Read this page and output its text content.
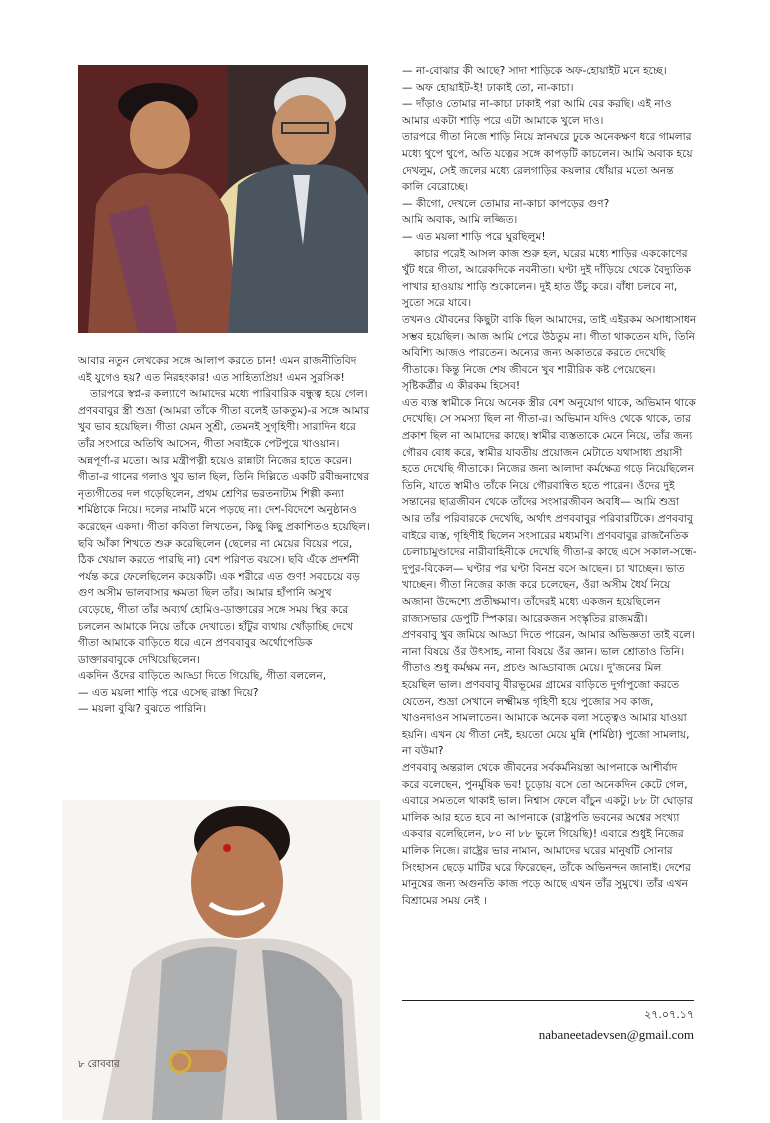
আবার নতুন লেখকের সঙ্গে আলাপ করতে চান! এমন রাজনীতিবিদ এই যুগেও হয়? এত নিরহংকার! এত সাহিত্যপ্রিয়! এমন সুরসিক!

তারপরে স্বপ্ন-র কল্যাণে আমাদের মধ্যে পারিবারিক বন্ধুত্ব হয়ে গেল। প্রণববাবুর স্ত্রী শুভ্রা (আমরা তাঁকে গীতা বলেই ডাকতুম)-র সঙ্গে আমার খুব ভাব হয়েছিল। গীতা যেমন সুশ্রী, তেমনই সুগৃহিণী। সারাদিন ধরে তাঁর সংসারে অতিথি আসেন, গীতা সবাইকে পেটপুরে খাওয়ান। অন্নপূর্ণা-র মতো। আর মন্ত্রীপত্নী হয়েও রান্নাটা নিজের হাতে করেন। গীতা-র গানের গলাও খুব ভাল ছিল, তিনি দিল্লিতে একটি রবীন্দ্রনাথের নৃত্যগীতের দল গড়েছিলেন, প্রথম শ্রেণির ভরতনাট্যম শিল্পী কন্যা শর্মিষ্ঠাকে নিয়ে। দলের নামটি মনে পড়ছে না। দেশ-বিদেশে অনুষ্ঠানও করেছেন একদা। গীতা কবিতা লিখতেন, কিছু কিছু প্রকাশিতও হয়েছিল। ছবি আঁকা শিখতে শুরু করেছিলেন (ছেলের না মেয়ের বিয়ের পরে, ঠিক খেয়াল করতে পারছি না) বেশ পরিণত বয়সে। ছবি এঁকে প্রদর্শনী পর্যন্ত করে ফেলেছিলেন কয়েকটি। এক শরীরে এত গুণ! সবচেয়ে বড় গুণ অসীম ভালবাসার ক্ষমতা ছিল তাঁর। আমার হাঁপানি অসুখ বেড়েছে, গীতা তাঁর অব্যর্থ হোমিও-ডাক্তারের সঙ্গে সময় স্থির করে চললেন আমাকে নিয়ে তাঁকে দেখাতে। হাঁটুর ব্যথায় খোঁড়াচ্ছি দেখে গীতা আমাকে বাড়িতে ধরে এনে প্রণববাবুর অর্থোপেডিক ডাক্তারবাবুকে দেখিয়েছিলেন।

একদিন ওঁদের বাড়িতে আড্ডা দিতে গিয়েছি, গীতা বললেন,

— এত ময়লা শাড়ি পরে এসেছ রাস্তা দিয়ে?

— ময়লা বুঝি? বুঝতে পারিনি।

— না-বোঝার কী আছে? সাদা শাড়িকে অফ-হোয়াইট মনে হচ্ছে।

— অফ হোয়াইট-ই! ঢাকাই তো, না-কাচা।

— দাঁড়াও তোমার না-কাচা ঢাকাই পরা আমি বের করছি। এই নাও আমার একটা শাড়ি পরে এটা আমাকে খুলে দাও।

তারপরে গীতা নিজে শাড়ি নিয়ে স্নানঘরে ঢুকে অনেকক্ষণ ধরে গামলার মধ্যে থুপে থুপে, অতি যত্নের সঙ্গে কাপড়টি কাচলেন। আমি অবাক হয়ে দেখলুম, সেই জলের মধ্যে রেলগাড়ির কয়লার ধোঁয়ার মতো অনন্ত কালি বেরোচ্ছে।

— কীগো, দেখলে তোমার না-কাচা কাপড়ের গুণ?

আমি অবাক, আমি লজ্জিত।

— এত ময়লা শাড়ি পরে ঘুরছিলুম!

কাচার পরেই আসল কাজ শুরু হল, ঘরের মধ্যে শাড়ির এককোণের খুঁট ধরে গীতা, আরেকদিকে নবনীতা। ঘণ্টা দুই দাঁড়িয়ে থেকে বৈদ্যুতিক পাখার হাওয়ায় শাড়ি শুকোলেন। দুই হাত উঁচু করে। বাঁধা চলবে না, সুতো সরে যাবে।

তখনও যৌবনের কিছুটা বাকি ছিল আমাদের, তাই এইরকম অসাধ্যসাধন সম্ভব হয়েছিল। আজ আমি পেরে উঠতুম না। গীতা থাকতেন যদি, তিনি অবিশ্যি আজও পারতেন। অন্যের জন্য অকাতরে করতে দেখেছি গীতাকে। কিন্তু নিজে শেষ জীবনে খুব শারীরিক কষ্ট পেয়েছেন। সৃষ্টিকর্ত্রীর এ কীরকম হিসেব!

এত ব্যস্ত স্বামীকে নিয়ে অনেক স্ত্রীর বেশ অনুযোগ থাকে, অভিমান থাকে দেখেছি। সে সমস্যা ছিল না গীতা-র। অভিমান যদিও থেকে থাকে, তার প্রকাশ ছিল না আমাদের কাছে। স্বামীর ব্যস্ততাকে মেনে নিয়ে, তাঁর জন্য গৌরব বোধ করে, স্বামীর যাবতীয় প্রয়োজন মেটাতে যথাসাধ্য প্রয়াসী হতে দেখেছি গীতাকে। নিজের জন্য আলাদা কর্মক্ষেত্র গড়ে নিয়েছিলেন তিনি, যাতে স্বামীও তাঁকে নিয়ে গৌরবান্বিত হতে পারেন। ওঁদের দুই সন্তানের ছাত্রজীবন থেকে তাঁদের সংসারজীবন অবধি— আমি শুভ্রা আর তাঁর পরিবারকে দেখেছি, অর্থাৎ প্রণববাবুর পরিবারটিকে। প্রণববাবু বাইরে ব্যস্ত, গৃহিণীই ছিলেন সংসারের মধ্যমণি। প্রণববাবুর রাজনৈতিক চেলাচামুণ্ডাদের নারীবাহিনীকে দেখেছি গীতা-র কাছে এসে সকাল-সন্ধে-দুপুর-বিকেল— ঘণ্টার পর ঘণ্টা বিনম্র বসে আছেন। চা খাচ্ছেন। ভাত খাচ্ছেন। গীতা নিজের কাজ করে চলেছেন, ওঁরা অসীম ধৈর্য নিয়ে অজানা উদ্দেশ্যে প্রতীক্ষমাণ। তাঁদেরই মধ্যে একজন হয়েছিলেন রাজ্যসভার ডেপুটি স্পিকার। আরেকজন সংস্কৃতির রাজমন্ত্রী।

প্রণববাবু খুব জমিয়ে আড্ডা দিতে পারেন, আমার অভিজ্ঞতা তাই বলে। নানা বিষয়ে ওঁর উৎসাহ, নানা বিষয়ে ওঁর জ্ঞান। ভাল শ্রোতাও তিনি। গীতাও শুধু কর্মক্ষম নন, প্রচণ্ড আড্ডাবাজ মেয়ে। দু'জনের মিল হয়েছিল ভাল। প্রণববাবু বীরভূমের গ্রামের বাড়িতে দুর্গাপুজো করতে যেতেন, শুভ্রা সেখানে লক্ষ্মীমন্ত গৃহিণী হয়ে পুজোর সব কাজ, খাওনদাওন সামলাতেন। আমাকে অনেক বলা সত্ত্বেও আমার যাওয়া হয়নি। এখন যে গীতা নেই, হয়তো মেয়ে মুন্নি (শর্মিষ্ঠা) পুজো সামলায়, না বউমা?

প্রণববাবু অন্তরাল থেকে জীবনের সর্বকর্মনিয়ন্তা আপনাকে আশীর্বাদ করে বলেছেন, পুনর্মুষিক ভব! চূড়োয় বসে তো অনেকদিন কেটে গেল, এবারে সমতলে থাকাই ভাল। নিশ্বাস ফেলে বাঁচুন একটু। ৮৮ টা ঘোড়ার মালিক আর হতে হবে না আপনাকে (রাষ্ট্রপতি ভবনের অশ্বের সংখ্যা একবার বলেছিলেন, ৮০ না ৮৮ ভুলে গিয়েছি)! এবারে শুধুই নিজের মালিক নিজে। রাষ্ট্রের ভার নামান, আমাদের ঘরের মানুষটি সোনার সিংহাসন ছেড়ে মাটির ঘরে ফিরেছেন, তাঁকে অভিনন্দন জানাই। দেশের মানুষের জন্য অগুনতি কাজ পড়ে আছে এখন তাঁর সুমুখে। তাঁর এখন বিশ্রামের সময় নেই ।

২৭.০৭.১৭
nabaneetadevsen@gmail.com
৮ রোববার
